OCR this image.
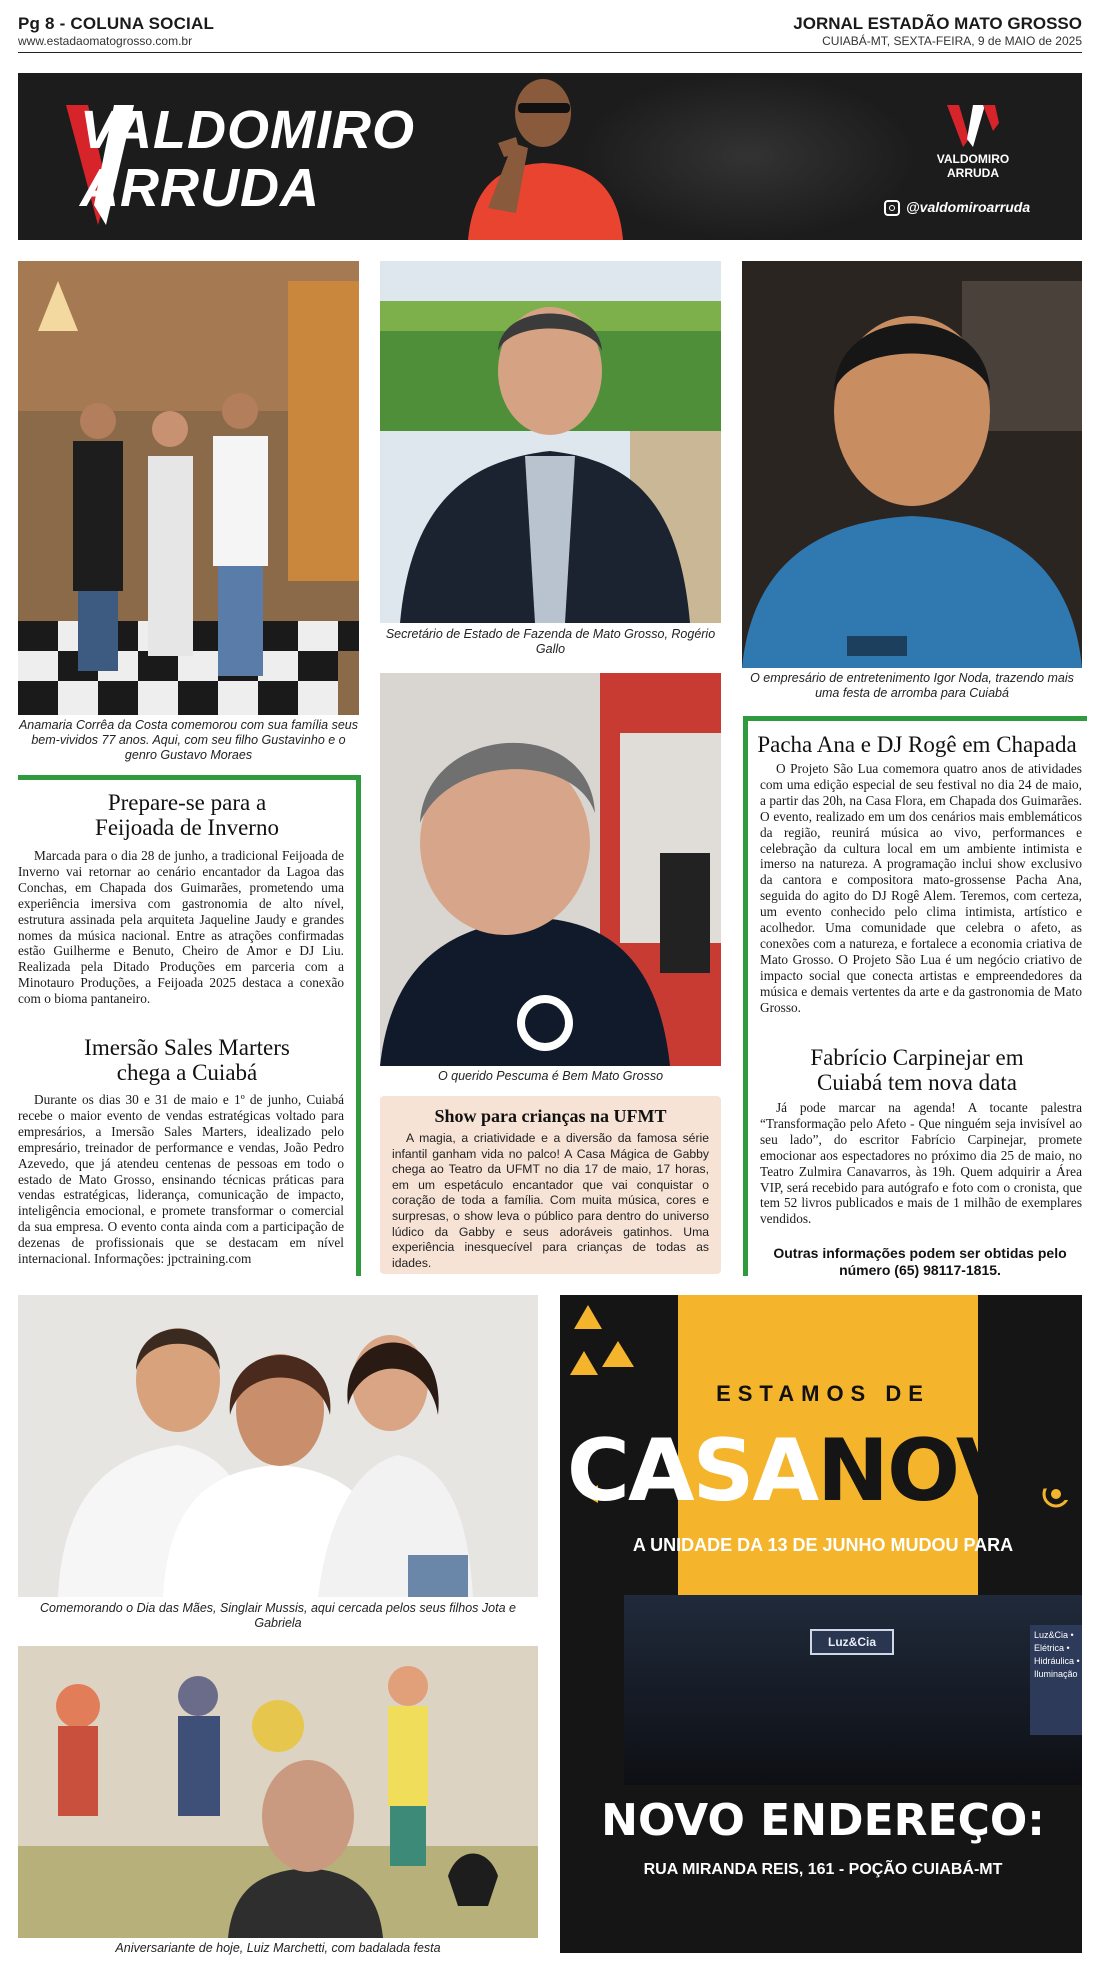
Pg 8 - COLUNA SOCIAL
www.estadaomatogrosso.com.br
JORNAL ESTADÃO MATO GROSSO
CUIABÁ-MT, SEXTA-FEIRA, 9 de MAIO de 2025
VALDOMIRO
ARRUDA	VALDOMIRO
ARRUDA
@valdomiroarruda
Anamaria Corrêa da Costa comemorou com sua família seus bem-vividos 77 anos. Aqui, com seu filho Gustavinho e o genro Gustavo Moraes
Secretário de Estado de Fazenda de Mato Grosso, Rogério Gallo
O empresário de entretenimento Igor Noda, trazendo mais uma festa de arromba para Cuiabá
Prepare-se para a
Feijoada de Inverno

Marcada para o dia 28 de junho, a tradicional Feijoada de Inverno vai retornar ao cenário encantador da Lagoa das Conchas, em Chapada dos Guimarães, prometendo uma experiência imersiva com gastronomia de alto nível, estrutura assinada pela arquiteta Jaqueline Jaudy e grandes nomes da música nacional. Entre as atrações confirmadas estão Guilherme e Benuto, Cheiro de Amor e DJ Liu. Realizada pela Ditado Produções em parceria com a Minotauro Produções, a Feijoada 2025 destaca a conexão com o bioma pantaneiro.

Imersão Sales Marters
chega a Cuiabá

Durante os dias 30 e 31 de maio e 1º de junho, Cuiabá recebe o maior evento de vendas estratégicas voltado para empresários, a Imersão Sales Marters, idealizado pelo empresário, treinador de performance e vendas, João Pedro Azevedo, que já atendeu centenas de pessoas em todo o estado de Mato Grosso, ensinando técnicas práticas para vendas estratégicas, liderança, comunicação de impacto, inteligência emocional, e promete transformar o comercial da sua empresa. O evento conta ainda com a participação de dezenas de profissionais que se destacam em nível internacional. Informações: jpctraining.com

O querido Pescuma é Bem Mato Grosso
Show para crianças na UFMT

A magia, a criatividade e a diversão da famosa série infantil ganham vida no palco! A Casa Mágica de Gabby chega ao Teatro da UFMT no dia 17 de maio, 17 horas, em um espetáculo encantador que vai conquistar o coração de toda a família. Com muita música, cores e surpresas, o show leva o público para dentro do universo lúdico da Gabby e seus adoráveis gatinhos. Uma experiência inesquecível para crianças de todas as idades.

Pacha Ana e DJ Rogê em Chapada

O Projeto São Lua comemora quatro anos de atividades com uma edição especial de seu festival no dia 24 de maio, a partir das 20h, na Casa Flora, em Chapada dos Guimarães. O evento, realizado em um dos cenários mais emblemáticos da região, reunirá música ao vivo, performances e celebração da cultura local em um ambiente intimista e imerso na natureza. A programação inclui show exclusivo da cantora e compositora mato-grossense Pacha Ana, seguida do agito do DJ Rogê Alem. Teremos, com certeza, um evento conhecido pelo clima intimista, artístico e acolhedor. Uma comunidade que celebra o afeto, as conexões com a natureza, e fortalece a economia criativa de Mato Grosso. O Projeto São Lua é um negócio criativo de impacto social que conecta artistas e empreendedores da música e demais vertentes da arte e da gastronomia de Mato Grosso.

Fabrício Carpinejar em
Cuiabá tem nova data

Já pode marcar na agenda! A tocante palestra “Transformação pelo Afeto - Que ninguém seja invisível ao seu lado”, do escritor Fabrício Carpinejar, promete emocionar aos espectadores no próximo dia 25 de maio, no Teatro Zulmira Canavarros, às 19h. Quem adquirir a Área VIP, será recebido para autógrafo e foto com o cronista, que tem 52 livros publicados e mais de 1 milhão de exemplares vendidos.

Outras informações podem ser obtidas pelo número (65) 98117-1815.
Comemorando o Dia das Mães, Singlair Mussis, aqui cercada pelos seus filhos Jota e Gabriela
Aniversariante de hoje, Luiz Marchetti, com badalada festa
ESTAMOS DE
CASANOVA
A UNIDADE DA 13 DE JUNHO MUDOU PARA
Luz&Cia	Luz&Cia • Elétrica • Hidráulica • Iluminação
NOVO ENDEREÇO:
RUA MIRANDA REIS, 161 - POÇÃO CUIABÁ-MT
